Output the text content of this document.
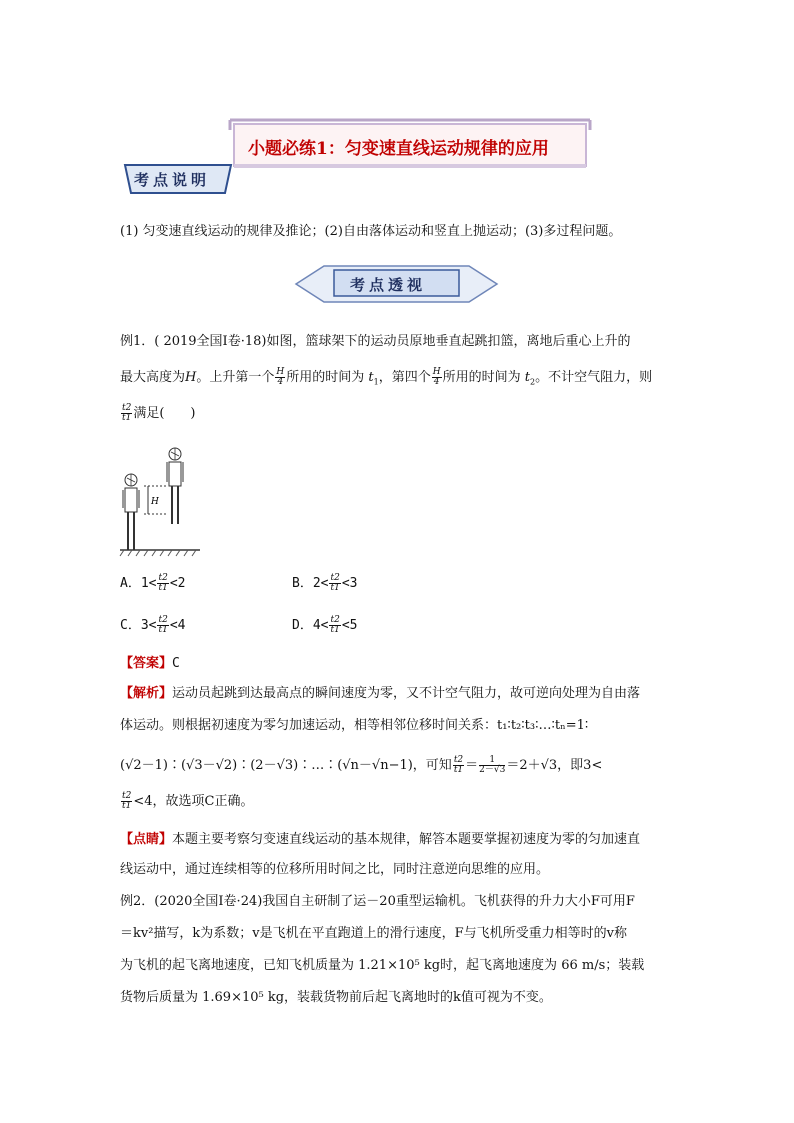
小题必练1：匀变速直线运动规律的应用
考点说明
(1) 匀变速直线运动的规律及推论；(2)自由落体运动和竖直上抛运动；(3)多过程问题。
考点透视
例1．( 2019全国Ⅰ卷·18)如图，篮球架下的运动员原地垂直起跳扣篮，离地后重心上升的
最大高度为H。上升第一个 $\frac{H}{4}$ 所用的时间为 $t_1$，第四个 $\frac{H}{4}$ 所用的时间为 $t_2$。不计空气阻力，则
$\frac{t2}{t1}$ 满足(　　)
H
A．$1< \frac{t2}{t1} <2$	B．$2< \frac{t2}{t1} <3$
C．$3< \frac{t2}{t1} <4$	D．$4< \frac{t2}{t1} <5$
【答案】C
【解析】运动员起跳到达最高点的瞬间速度为零，又不计空气阻力，故可逆向处理为自由落
体运动。则根据初速度为零匀加速运动，相等相邻位移时间关系：t₁∶t₂∶t₃∶…∶tₙ=1∶
(√2－1)∶(√3－√2)∶(2－√3)∶…∶(√n－√n−1)，可知 $\frac{t2}{t1} = \frac{1}{2-√3} =2+√3$，即3<
$\frac{t2}{t1} <4$，故选项C正确。
【点睛】本题主要考察匀变速直线运动的基本规律，解答本题要掌握初速度为零的匀加速直
线运动中，通过连续相等的位移所用时间之比，同时注意逆向思维的应用。
例2．(2020全国Ⅰ卷·24)我国自主研制了运－20重型运输机。飞机获得的升力大小F可用F
＝kv²描写，k为系数；v是飞机在平直跑道上的滑行速度，F与飞机所受重力相等时的v称
为飞机的起飞离地速度，已知飞机质量为 1.21×10⁵ kg时，起飞离地速度为 66 m/s；装载
货物后质量为 1.69×10⁵ kg，装载货物前后起飞离地时的k值可视为不变。
